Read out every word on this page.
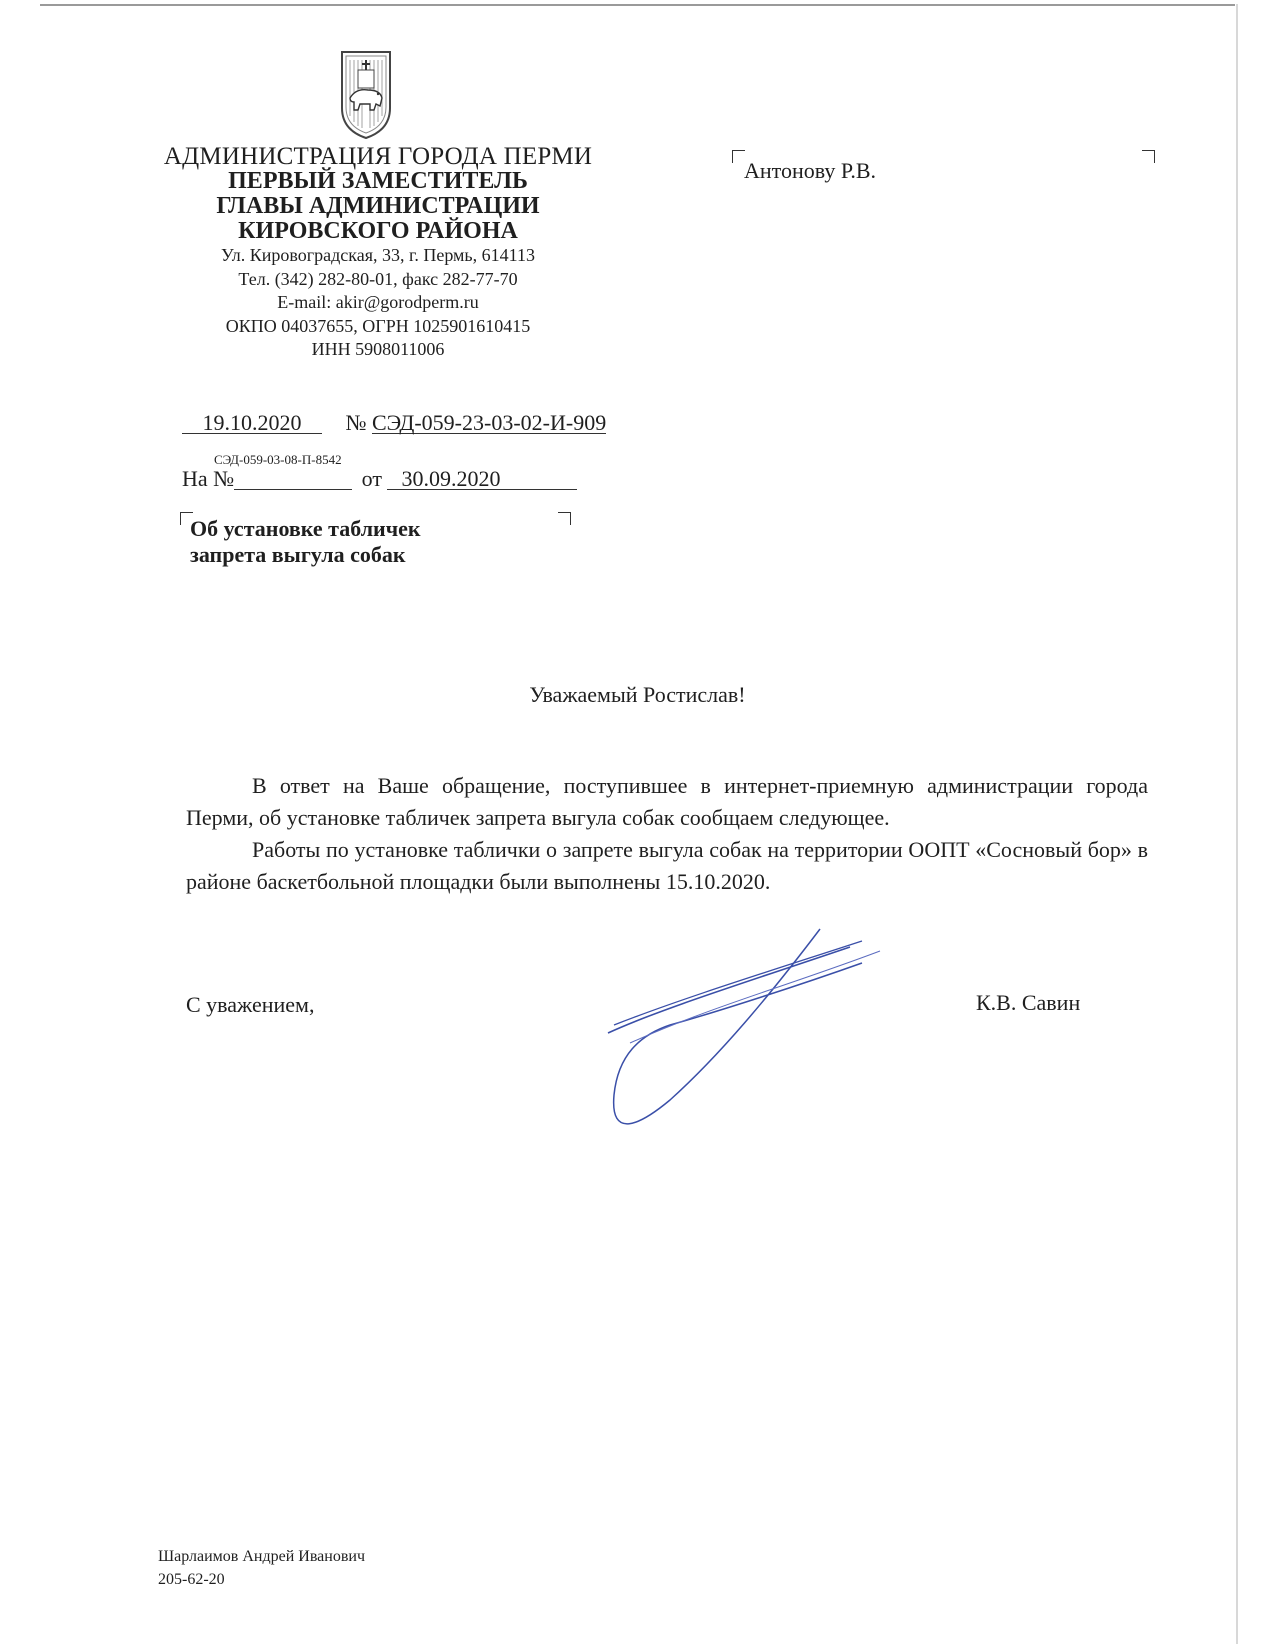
АДМИНИСТРАЦИЯ ГОРОДА ПЕРМИ
ПЕРВЫЙ ЗАМЕСТИТЕЛЬ
ГЛАВЫ АДМИНИСТРАЦИИ
КИРОВСКОГО РАЙОНА
Ул. Кировоградская, 33, г. Пермь, 614113
Тел. (342) 282-80-01, факс 282-77-70
E-mail: akir@gorodperm.ru
ОКПО 04037655, ОГРН 1025901610415
ИНН 5908011006
Антонову Р.В.
19.10.2020 № СЭД-059-23-03-02-И-909
СЭД-059-03-08-П-8542
На №	от 30.09.2020
Об установке табличек
запрета выгула собак
Уважаемый Ростислав!

В ответ на Ваше обращение, поступившее в интернет-приемную администрации города Перми, об установке табличек запрета выгула собак сообщаем следующее.

Работы по установке таблички о запрете выгула собак на территории ООПТ «Сосновый бор» в районе баскетбольной площадки были выполнены 15.10.2020.

С уважением,	К.В. Савин
Шарлаимов Андрей Иванович
205-62-20
